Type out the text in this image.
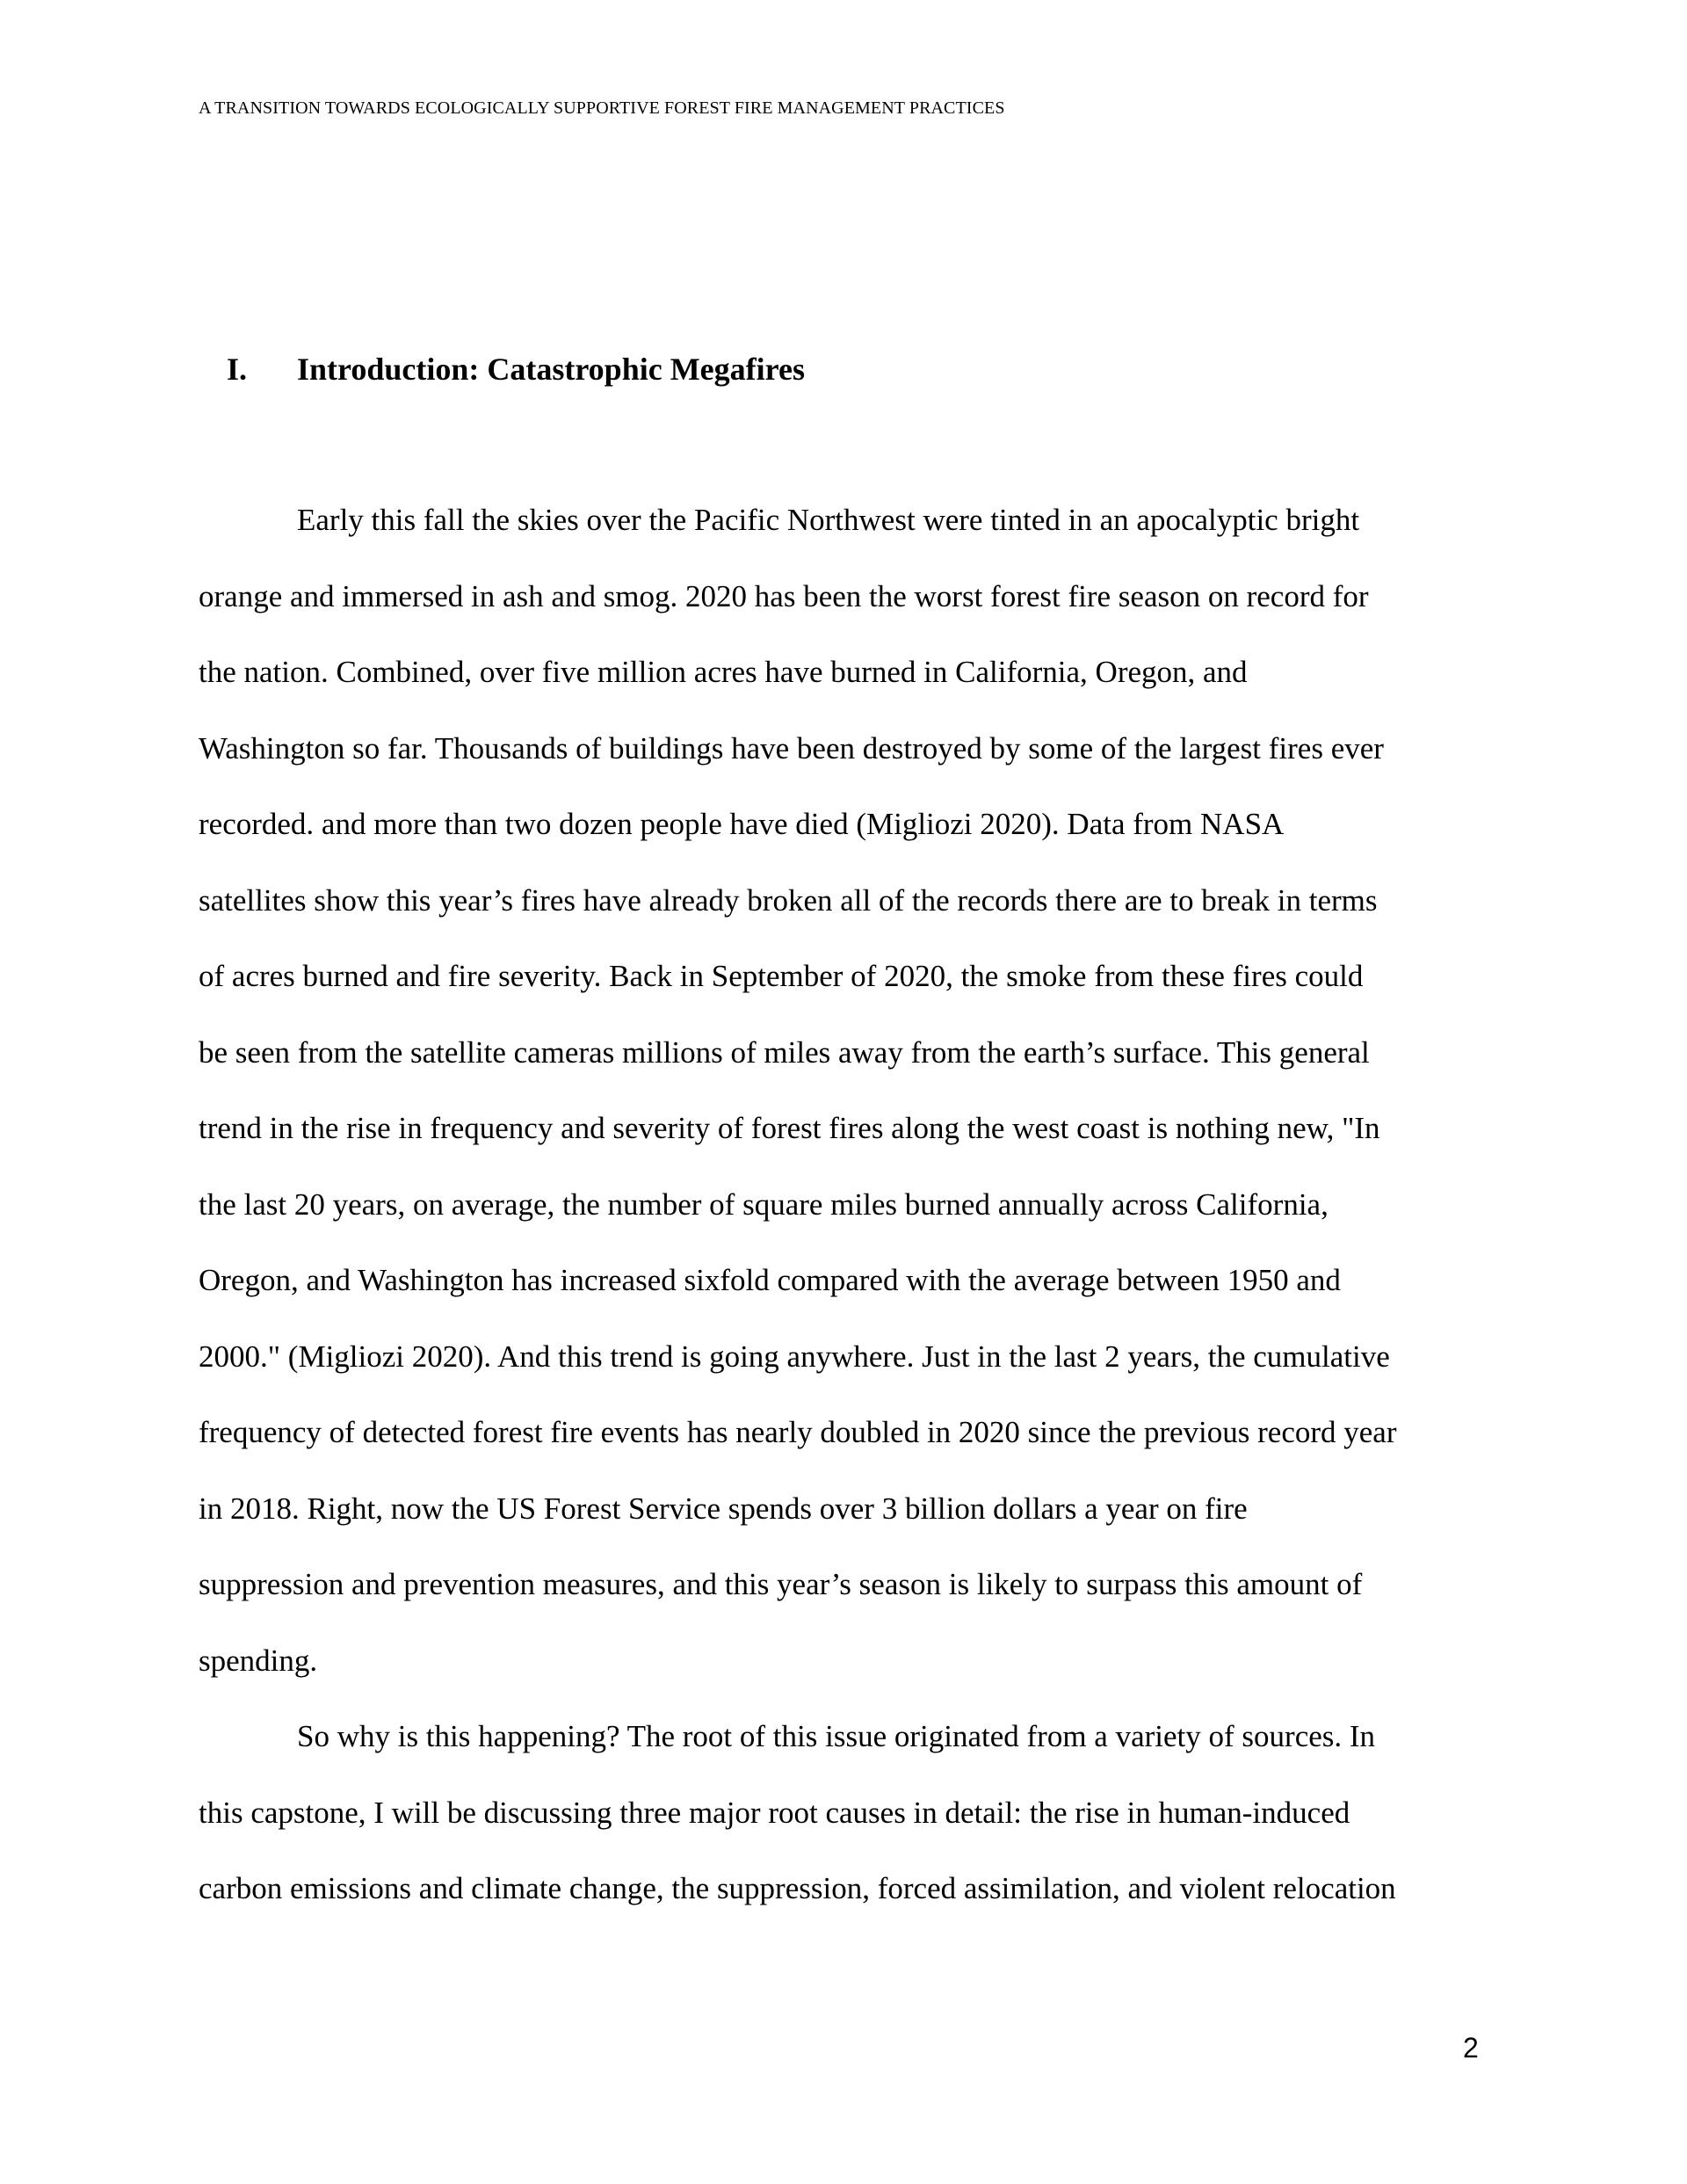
A TRANSITION TOWARDS ECOLOGICALLY SUPPORTIVE FOREST FIRE MANAGEMENT PRACTICES
I. Introduction: Catastrophic Megafires
Early this fall the skies over the Pacific Northwest were tinted in an apocalyptic bright
orange and immersed in ash and smog. 2020 has been the worst forest fire season on record for
the nation. Combined, over five million acres have burned in California, Oregon, and
Washington so far. Thousands of buildings have been destroyed by some of the largest fires ever
recorded. and more than two dozen people have died (Migliozi 2020). Data from NASA
satellites show this year’s fires have already broken all of the records there are to break in terms
of acres burned and fire severity. Back in September of 2020, the smoke from these fires could
be seen from the satellite cameras millions of miles away from the earth’s surface. This general
trend in the rise in frequency and severity of forest fires along the west coast is nothing new, "In
the last 20 years, on average, the number of square miles burned annually across California,
Oregon, and Washington has increased sixfold compared with the average between 1950 and
2000." (Migliozi 2020). And this trend is going anywhere. Just in the last 2 years, the cumulative
frequency of detected forest fire events has nearly doubled in 2020 since the previous record year
in 2018. Right, now the US Forest Service spends over 3 billion dollars a year on fire
suppression and prevention measures, and this year’s season is likely to surpass this amount of
spending.
So why is this happening? The root of this issue originated from a variety of sources. In
this capstone, I will be discussing three major root causes in detail: the rise in human-induced
carbon emissions and climate change, the suppression, forced assimilation, and violent relocation
2
